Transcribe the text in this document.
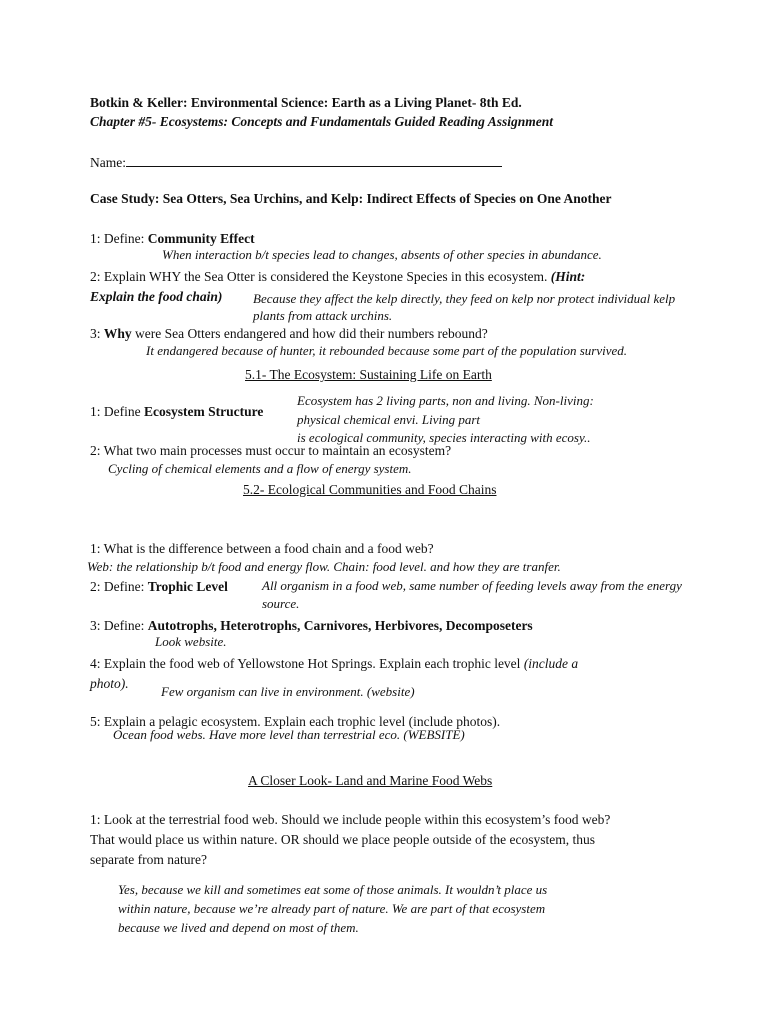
Botkin & Keller: Environmental Science: Earth as a Living Planet- 8th Ed.
Chapter #5- Ecosystems: Concepts and Fundamentals Guided Reading Assignment
Name:
Case Study: Sea Otters, Sea Urchins, and Kelp: Indirect Effects of Species on One Another
1: Define: Community Effect
When interaction b/t species lead to changes, absents of other species in abundance.
2: Explain WHY the Sea Otter is considered the Keystone Species in this ecosystem. (Hint:
Explain the food chain) Because they affect the kelp directly, they feed on kelp nor protect individual kelp
plants from attack urchins.
3: Why were Sea Otters endangered and how did their numbers rebound?
It endangered because of hunter, it rebounded because some part of the population survived.
5.1- The Ecosystem: Sustaining Life on Earth
Ecosystem has 2 living parts, non and living. Non-living:
1: Define Ecosystem Structure
physical chemical envi. Living part
is ecological community, species interacting with ecosy..
2: What two main processes must occur to maintain an ecosystem?
Cycling of chemical elements and a flow of energy system.
5.2- Ecological Communities and Food Chains
1: What is the difference between a food chain and a food web?
Web: the relationship b/t food and energy flow. Chain: food level. and how they are tranfer.
2: Define: Trophic Level	All organism in a food web, same number of feeding levels away from the energy
source.
3: Define: Autotrophs, Heterotrophs, Carnivores, Herbivores, Decomposeters
Look website.
4: Explain the food web of Yellowstone Hot Springs. Explain each trophic level (include a
photo).
Few organism can live in environment. (website)
5: Explain a pelagic ecosystem. Explain each trophic level (include photos).
Ocean food webs. Have more level than terrestrial eco. (WEBSITE)
A Closer Look- Land and Marine Food Webs
1: Look at the terrestrial food web. Should we include people within this ecosystem’s food web?
That would place us within nature. OR should we place people outside of the ecosystem, thus
separate from nature?
Yes, because we kill and sometimes eat some of those animals. It wouldn’t place us
within nature, because we’re already part of nature. We are part of that ecosystem
because we lived and depend on most of them.
